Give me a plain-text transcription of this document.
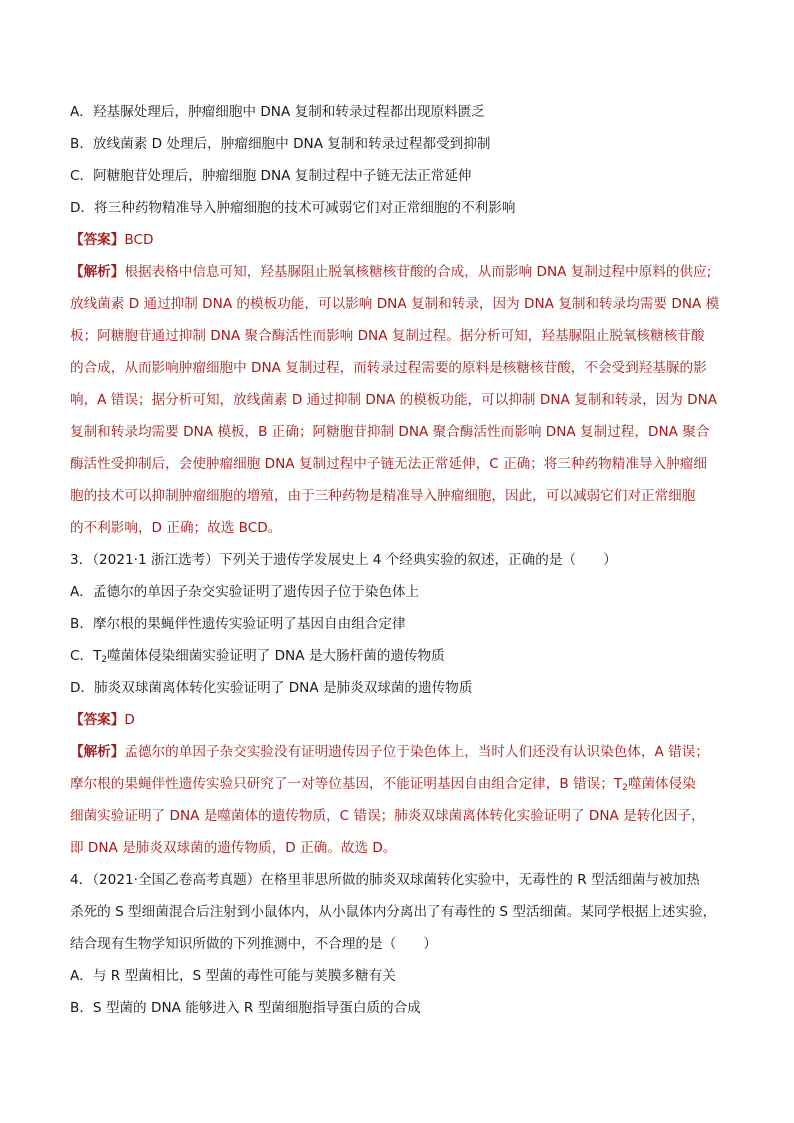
A．羟基脲处理后，肿瘤细胞中 DNA 复制和转录过程都出现原料匮乏
B．放线菌素 D 处理后，肿瘤细胞中 DNA 复制和转录过程都受到抑制
C．阿糖胞苷处理后，肿瘤细胞 DNA 复制过程中子链无法正常延伸
D．将三种药物精准导入肿瘤细胞的技术可减弱它们对正常细胞的不利影响
【答案】BCD
【解析】根据表格中信息可知，羟基脲阻止脱氧核糖核苷酸的合成，从而影响 DNA 复制过程中原料的供应;
放线菌素 D 通过抑制 DNA 的模板功能，可以影响 DNA 复制和转录，因为 DNA 复制和转录均需要 DNA 模
板；阿糖胞苷通过抑制 DNA 聚合酶活性而影响 DNA 复制过程。据分析可知，羟基脲阻止脱氧核糖核苷酸
的合成，从而影响肿瘤细胞中 DNA 复制过程，而转录过程需要的原料是核糖核苷酸，不会受到羟基脲的影
响，A 错误；据分析可知，放线菌素 D 通过抑制 DNA 的模板功能，可以抑制 DNA 复制和转录，因为 DNA
复制和转录均需要 DNA 模板，B 正确；阿糖胞苷抑制 DNA 聚合酶活性而影响 DNA 复制过程，DNA 聚合
酶活性受抑制后，会使肿瘤细胞 DNA 复制过程中子链无法正常延伸，C 正确；将三种药物精准导入肿瘤细
胞的技术可以抑制肿瘤细胞的增殖，由于三种药物是精准导入肿瘤细胞，因此，可以减弱它们对正常细胞
的不利影响，D 正确；故选 BCD。
3．（2021·1 浙江选考）下列关于遗传学发展史上 4 个经典实验的叙述，正确的是（　　）
A．孟德尔的单因子杂交实验证明了遗传因子位于染色体上
B．摩尔根的果蝇伴性遗传实验证明了基因自由组合定律
C．$T_2$噬菌体侵染细菌实验证明了 DNA 是大肠杆菌的遗传物质
D．肺炎双球菌离体转化实验证明了 DNA 是肺炎双球菌的遗传物质
【答案】D
【解析】孟德尔的单因子杂交实验没有证明遗传因子位于染色体上，当时人们还没有认识染色体，A 错误；
摩尔根的果蝇伴性遗传实验只研究了一对等位基因，不能证明基因自由组合定律，B 错误；$T_2$噬菌体侵染
细菌实验证明了 DNA 是噬菌体的遗传物质，C 错误；肺炎双球菌离体转化实验证明了 DNA 是转化因子，
即 DNA 是肺炎双球菌的遗传物质，D 正确。故选 D。
4．（2021·全国乙卷高考真题）在格里菲思所做的肺炎双球菌转化实验中，无毒性的 R 型活细菌与被加热
杀死的 S 型细菌混合后注射到小鼠体内，从小鼠体内分离出了有毒性的 S 型活细菌。某同学根据上述实验，
结合现有生物学知识所做的下列推测中，不合理的是（　　）
A．与 R 型菌相比，S 型菌的毒性可能与荚膜多糖有关
B．S 型菌的 DNA 能够进入 R 型菌细胞指导蛋白质的合成
